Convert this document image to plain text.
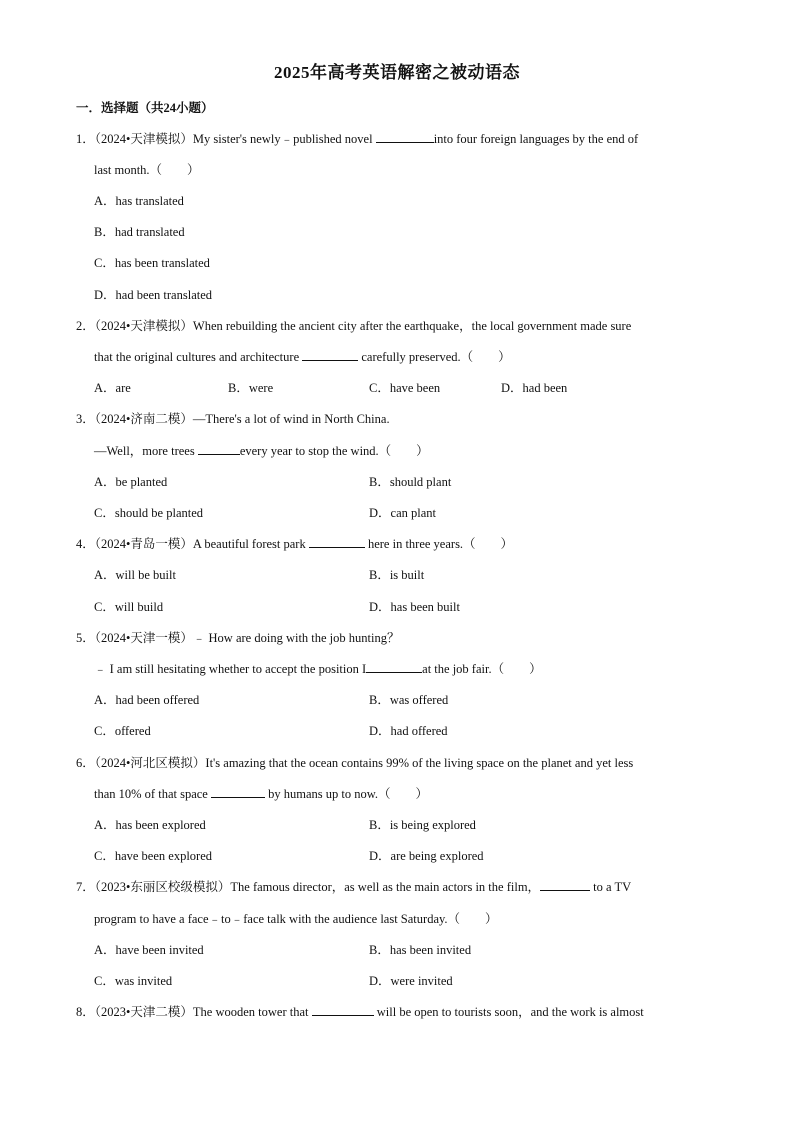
2025年高考英语解密之被动语态
一．选择题（共24小题）
1．（2024•天津模拟）My sister's newly﹣published novel	into four foreign languages by the end of
last month.（　　）
A．has translated
B．had translated
C．has been translated
D．had been translated
2．（2024•天津模拟）When rebuilding the ancient city after the earthquake，the local government made sure
that the original cultures and architecture	carefully preserved.（　　）
A．are	B．were	C．have been	D．had been
3．（2024•济南二模）—There's a lot of wind in North China.
—Well，more trees	every year to stop the wind.（　　）
A．be planted	B．should plant
C．should be planted	D．can plant
4．（2024•青岛一模）A beautiful forest park	here in three years.（　　）
A．will be built	B．is built
C．will build	D．has been built
5．（2024•天津一模）﹣ How are doing with the job hunting？
﹣ I am still hesitating whether to accept the position I	at the job fair.（　　）
A．had been offered	B．was offered
C．offered	D．had offered
6．（2024•河北区模拟）It's amazing that the ocean contains 99% of the living space on the planet and yet less
than 10% of that space	by humans up to now.（　　）
A．has been explored	B．is being explored
C．have been explored	D．are being explored
7．（2023•东丽区校级模拟）The famous director，as well as the main actors in the film，	to a TV
program to have a face﹣to﹣face talk with the audience last Saturday.（　　）
A．have been invited	B．has been invited
C．was invited	D．were invited
8．（2023•天津二模）The wooden tower that	will be open to tourists soon，and the work is almost
